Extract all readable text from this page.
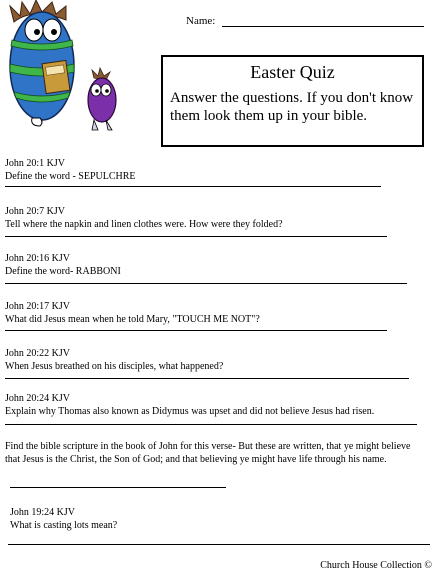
Name:
Easter Quiz
Answer the questions. If you don't know them look them up in your bible.
John 20:1 KJV
Define the word - SEPULCHRE
John 20:7 KJV
Tell where the napkin and linen clothes were. How were they folded?
John 20:16 KJV
Define the word- RABBONI
John 20:17 KJV
What did Jesus mean when he told Mary, "TOUCH ME NOT"?
John 20:22 KJV
When Jesus breathed on his disciples, what happened?
John 20:24 KJV
Explain why Thomas also known as Didymus was upset and did not believe Jesus had risen.
Find the bible scripture in the book of John for this verse- But these are written, that ye might believe that Jesus is the Christ, the Son of God; and that believing ye might have life through his name.
John 19:24 KJV
What is casting lots mean?
Church House Collection ©
